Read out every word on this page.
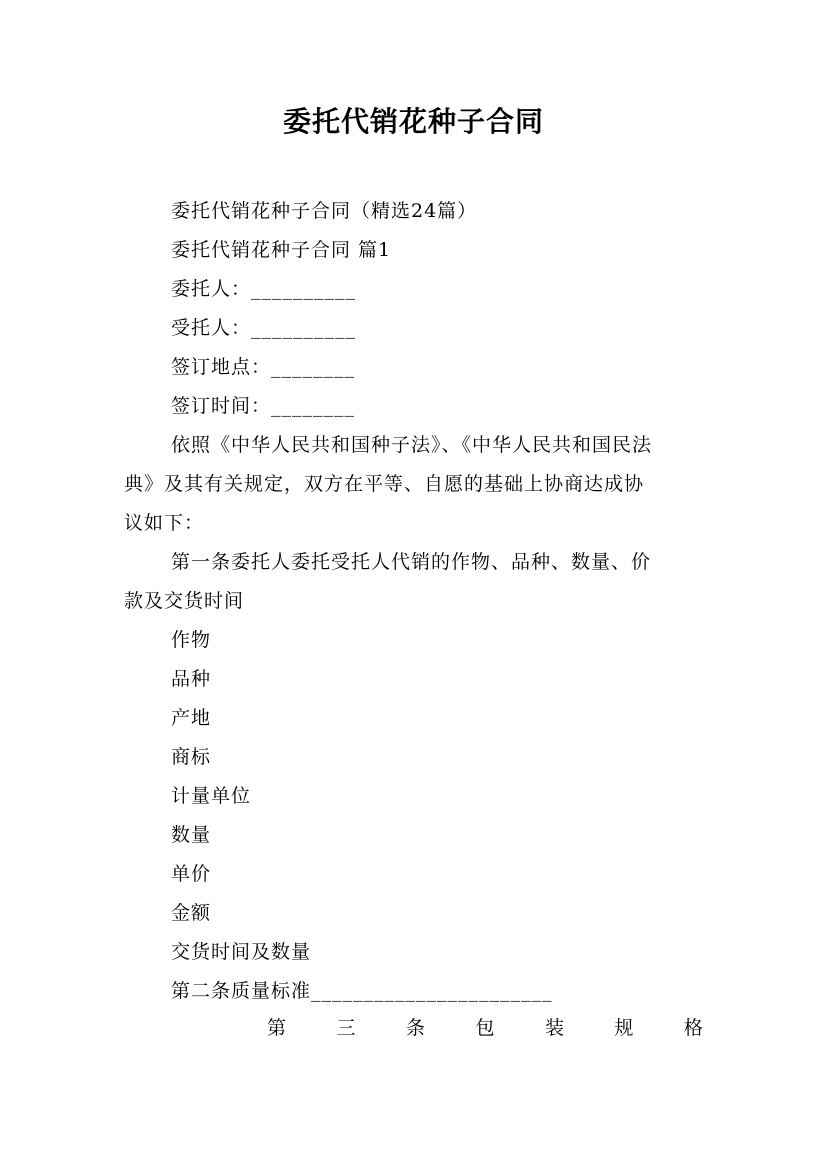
委托代销花种子合同
委托代销花种子合同（精选24篇）
委托代销花种子合同 篇1
委托人：__________
受托人：__________
签订地点：________
签订时间：________
依照《中华人民共和国种子法》、《中华人民共和国民法
典》及其有关规定，双方在平等、自愿的基础上协商达成协
议如下：
第一条委托人委托受托人代销的作物、品种、数量、价
款及交货时间
作物
品种
产地
商标
计量单位
数量
单价
金额
交货时间及数量
第二条质量标准_______________________
第	三	条	包	装	规	格
